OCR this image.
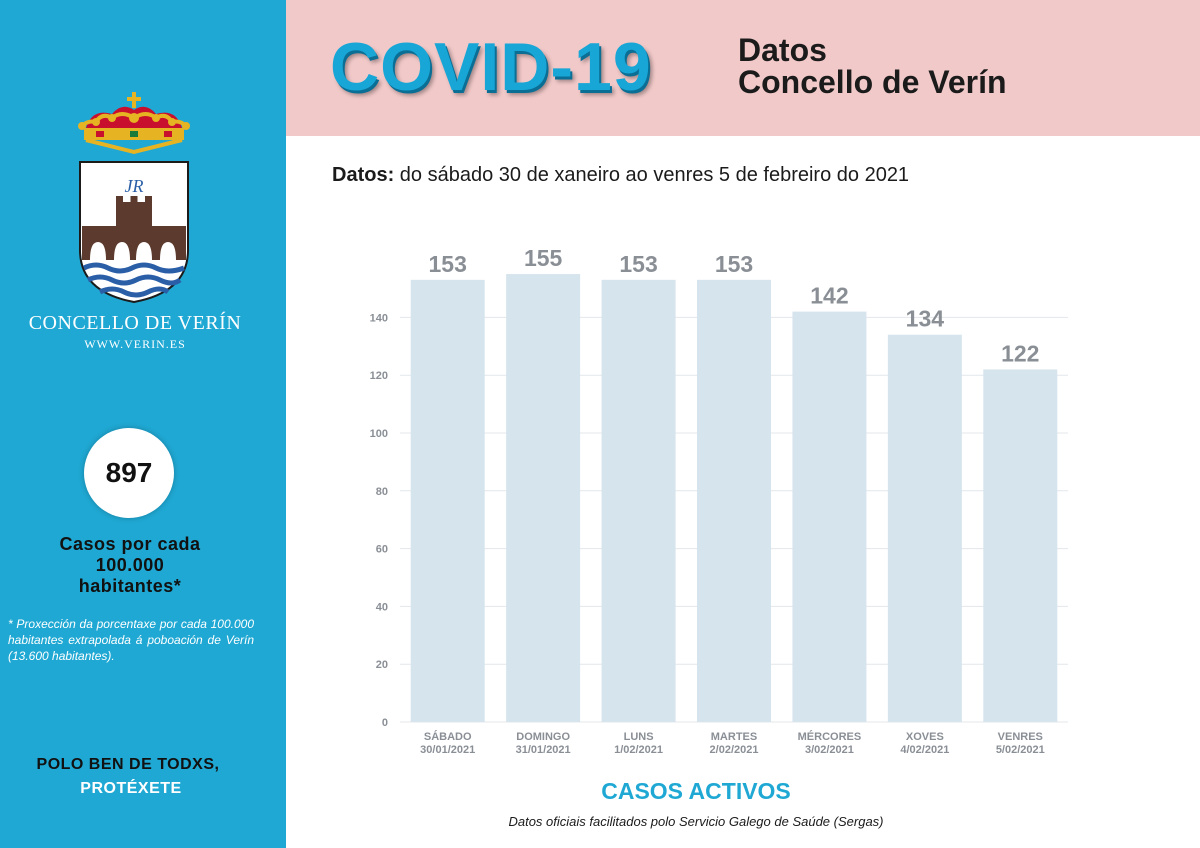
JR
CONCELLO DE VERÍN
WWW.VERIN.ES
897
Casos por cada
100.000
habitantes*
* Proxección da porcentaxe por cada 100.000 habitantes extrapolada á poboación de Verín (13.600 habitantes).
POLO BEN DE TODXS,
PROTÉXETE
COVID-19	Datos
Concello de Verín
Datos: do sábado 30 de xaneiro ao venres 5 de febreiro do 2021
0
20
40
60
80
100
120
140
153
SÁBADO
30/01/2021
155
DOMINGO
31/01/2021
153
LUNS
1/02/2021
153
MARTES
2/02/2021
142
MÉRCORES
3/02/2021
134
XOVES
4/02/2021
122
VENRES
5/02/2021
CASOS ACTIVOS
Datos oficiais facilitados polo Servicio Galego de Saúde (Sergas)
